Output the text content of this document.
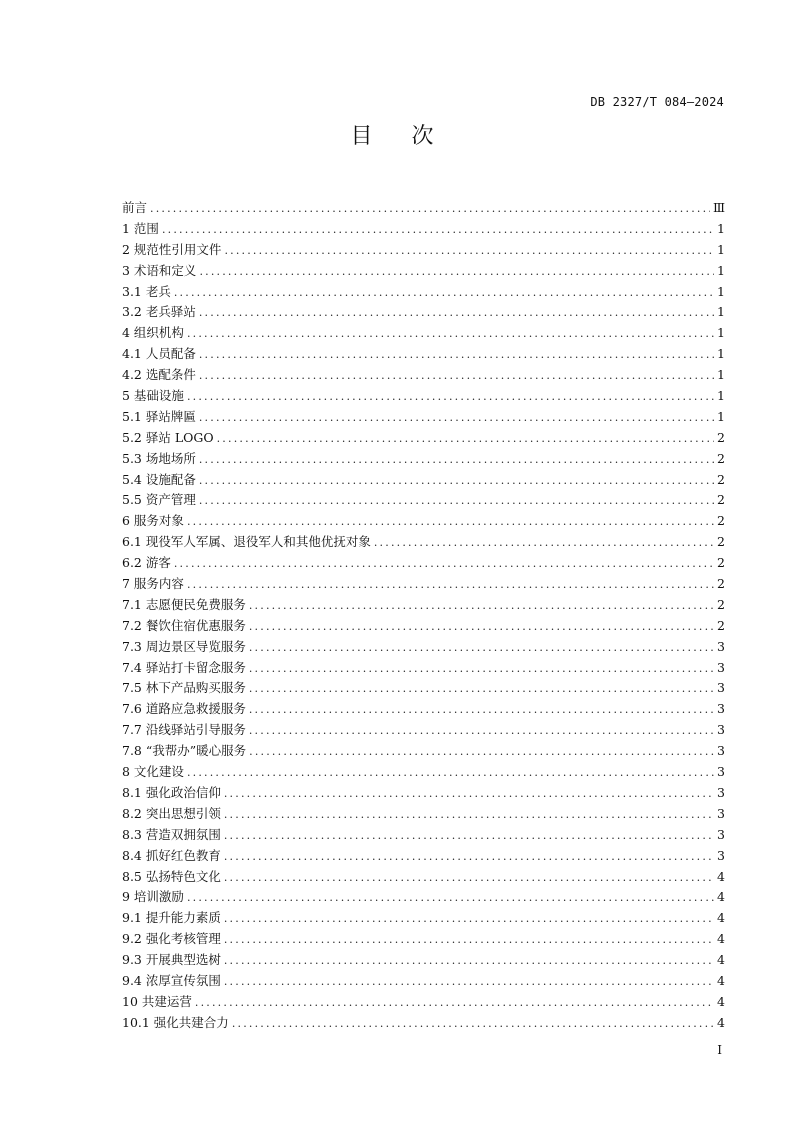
DB 2327/T 084—2024
目 次
前言 .....	Ⅲ
1 范围 .....	1
2 规范性引用文件 .....	1
3 术语和定义 .....	1
3.1 老兵 .....	1
3.2 老兵驿站 .....	1
4 组织机构 .....	1
4.1 人员配备 .....	1
4.2 选配条件 .....	1
5 基础设施 .....	1
5.1 驿站牌匾 .....	1
5.2 驿站 LOGO .....	2
5.3 场地场所 .....	2
5.4 设施配备 .....	2
5.5 资产管理 .....	2
6 服务对象 .....	2
6.1 现役军人军属、退役军人和其他优抚对象 .....	2
6.2 游客 .....	2
7 服务内容 .....	2
7.1 志愿便民免费服务 .....	2
7.2 餐饮住宿优惠服务 .....	2
7.3 周边景区导览服务 .....	3
7.4 驿站打卡留念服务 .....	3
7.5 林下产品购买服务 .....	3
7.6 道路应急救援服务 .....	3
7.7 沿线驿站引导服务 .....	3
7.8 “我帮办”暖心服务 .....	3
8 文化建设 .....	3
8.1 强化政治信仰 .....	3
8.2 突出思想引领 .....	3
8.3 营造双拥氛围 .....	3
8.4 抓好红色教育 .....	3
8.5 弘扬特色文化 .....	4
9 培训激励 .....	4
9.1 提升能力素质 .....	4
9.2 强化考核管理 .....	4
9.3 开展典型选树 .....	4
9.4 浓厚宣传氛围 .....	4
10 共建运营 .....	4
10.1 强化共建合力 .....	4
I
